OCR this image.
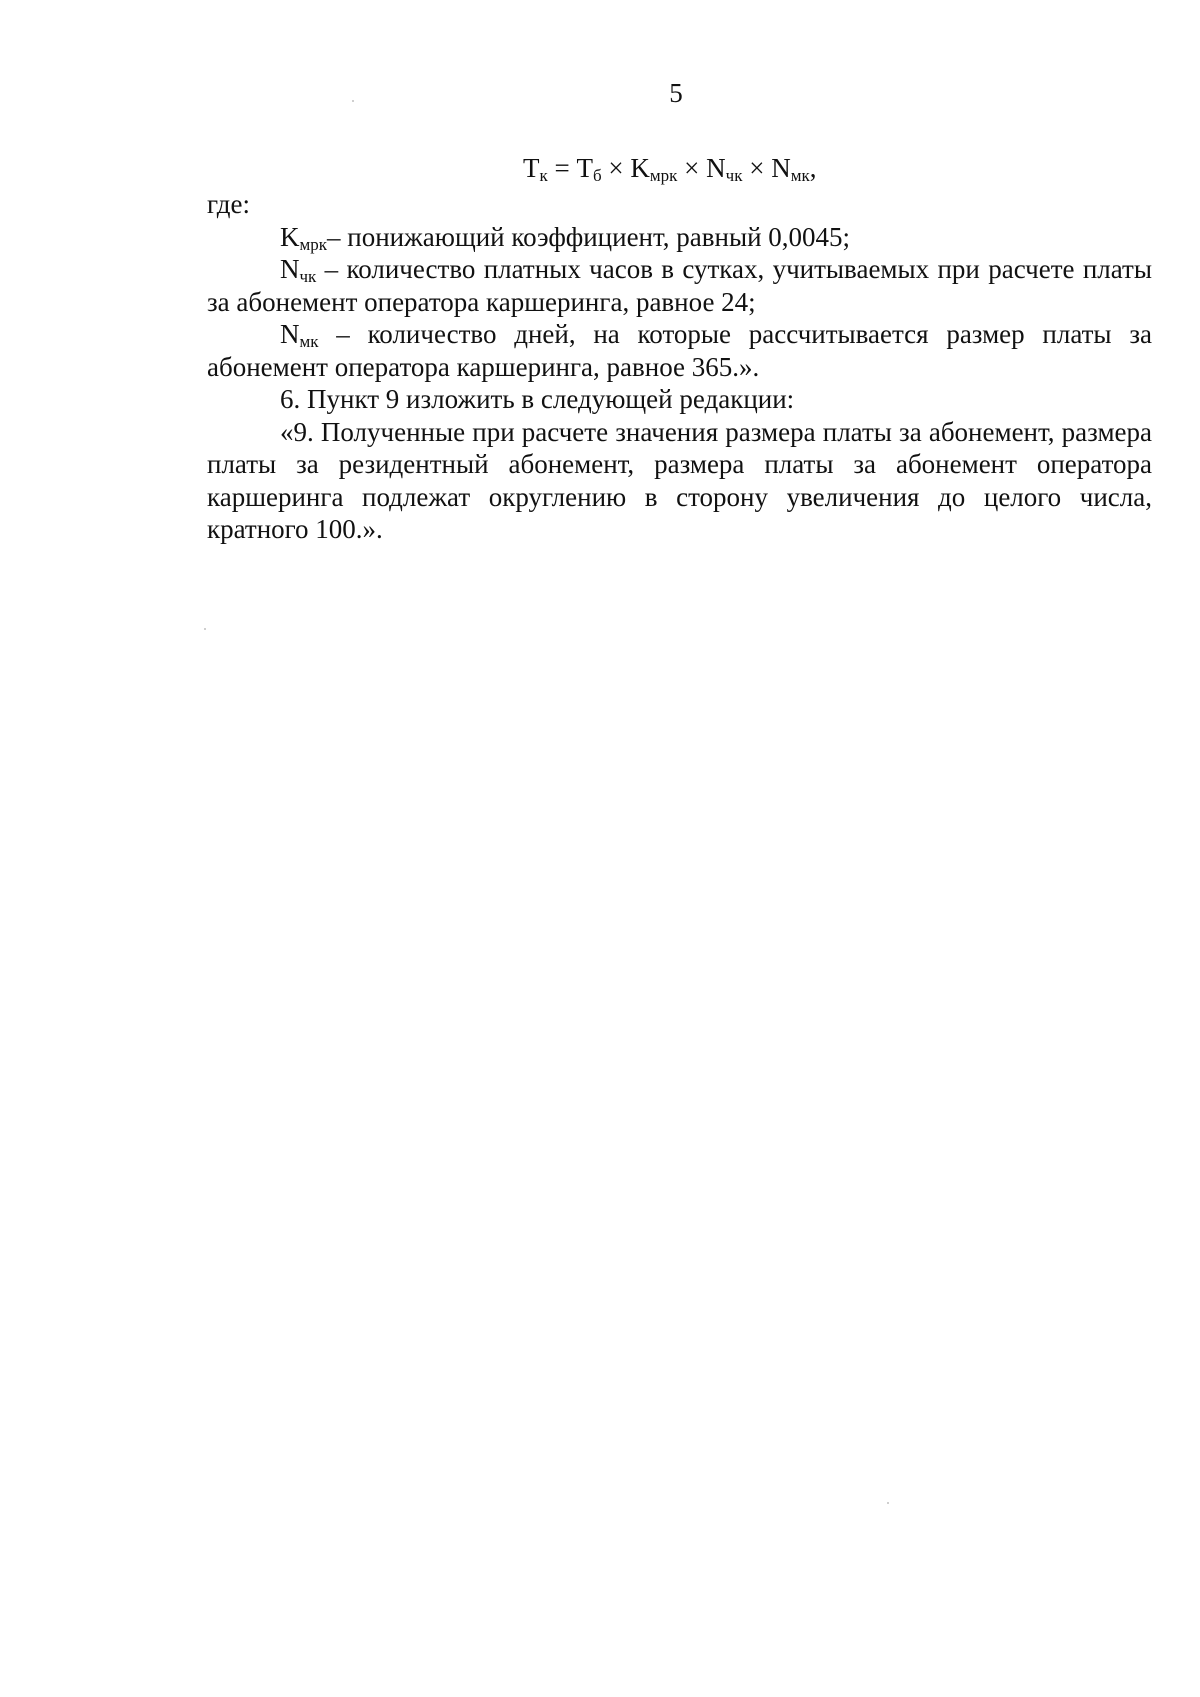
5
$T_к = T_б \times K_{мрк} \times N_{чк} \times N_{мк}$,

где:

$K_{мрк}-$ понижающий коэффициент, равный 0,0045;

$N_{чк}$ – количество платных часов в сутках, учитываемых при расчете платы за абонемент оператора каршеринга, равное 24;

$N_{мк}$ – количество дней, на которые рассчитывается размер платы за абонемент оператора каршеринга, равное 365.».

6. Пункт 9 изложить в следующей редакции:

«9. Полученные при расчете значения размера платы за абонемент, размера платы за резидентный абонемент, размера платы за абонемент оператора каршеринга подлежат округлению в сторону увеличения до целого числа, кратного 100.».
